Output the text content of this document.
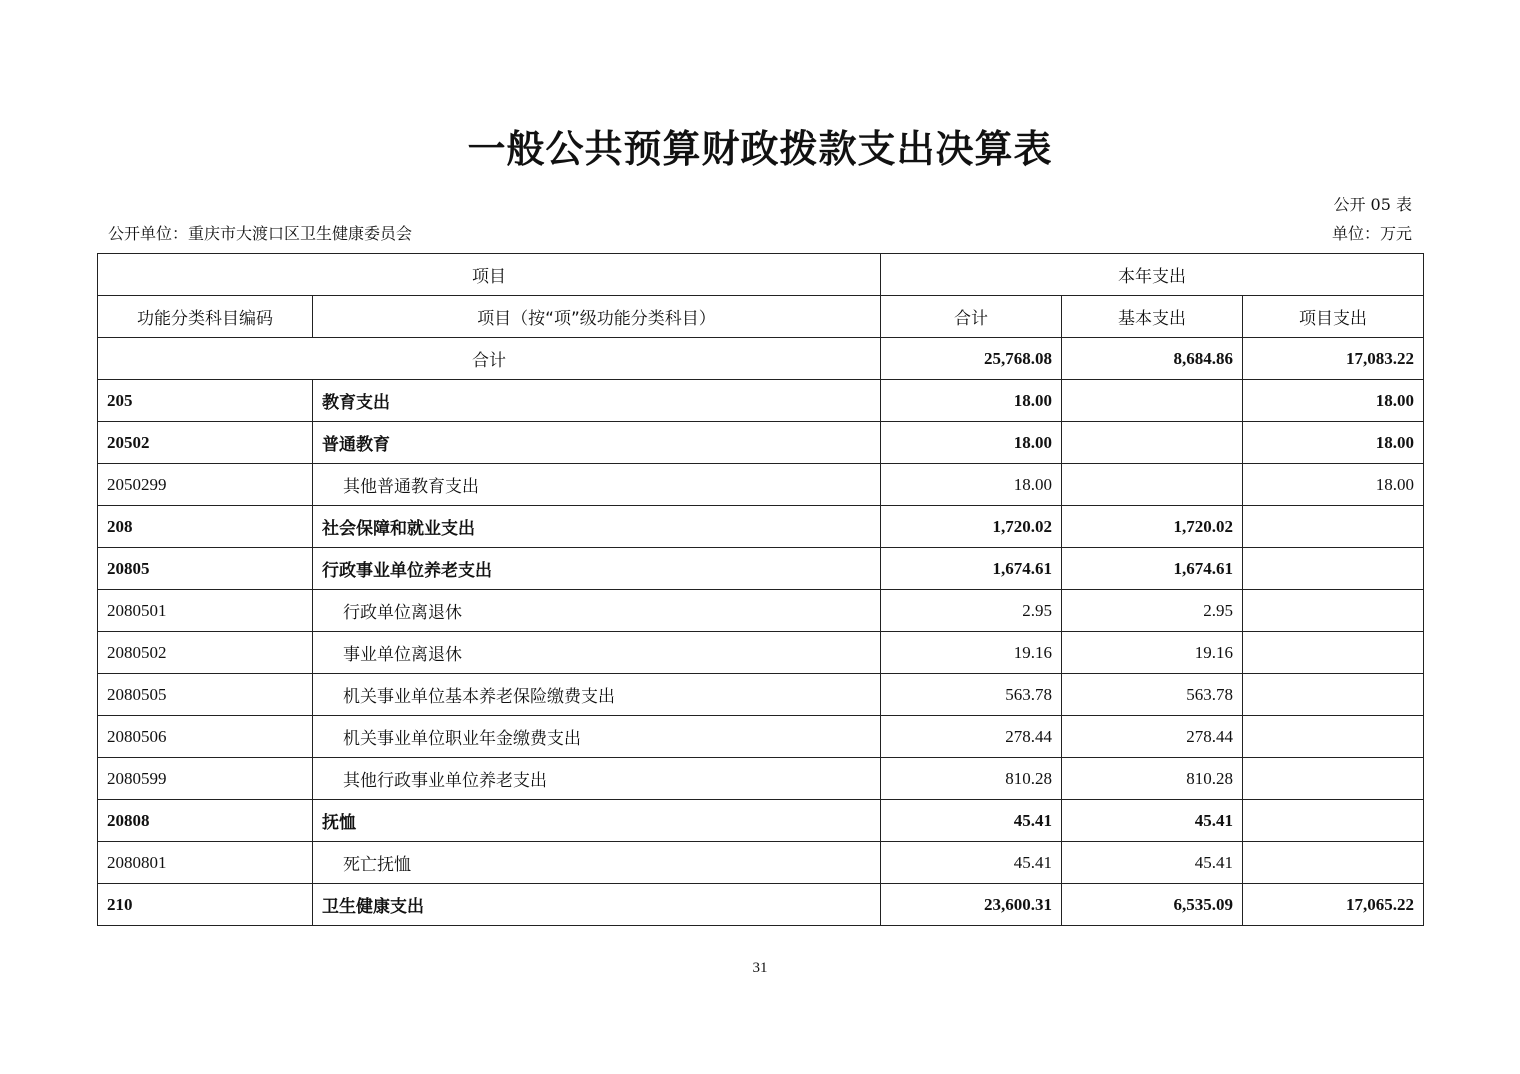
一般公共预算财政拨款支出决算表
公开 05 表
公开单位：重庆市大渡口区卫生健康委员会	单位：万元
项目		本年支出		
功能分类科目编码	项目（按“项”级功能分类科目）	合计	基本支出	项目支出
合计		25,768.08	8,684.86	17,083.22
205	教育支出	18.00		18.00
20502	普通教育	18.00		18.00
2050299	其他普通教育支出	18.00		18.00
208	社会保障和就业支出	1,720.02	1,720.02	
20805	行政事业单位养老支出	1,674.61	1,674.61	
2080501	行政单位离退休	2.95	2.95	
2080502	事业单位离退休	19.16	19.16	
2080505	机关事业单位基本养老保险缴费支出	563.78	563.78	
2080506	机关事业单位职业年金缴费支出	278.44	278.44	
2080599	其他行政事业单位养老支出	810.28	810.28	
20808	抚恤	45.41	45.41	
2080801	死亡抚恤	45.41	45.41	
210	卫生健康支出	23,600.31	6,535.09	17,065.22
31
